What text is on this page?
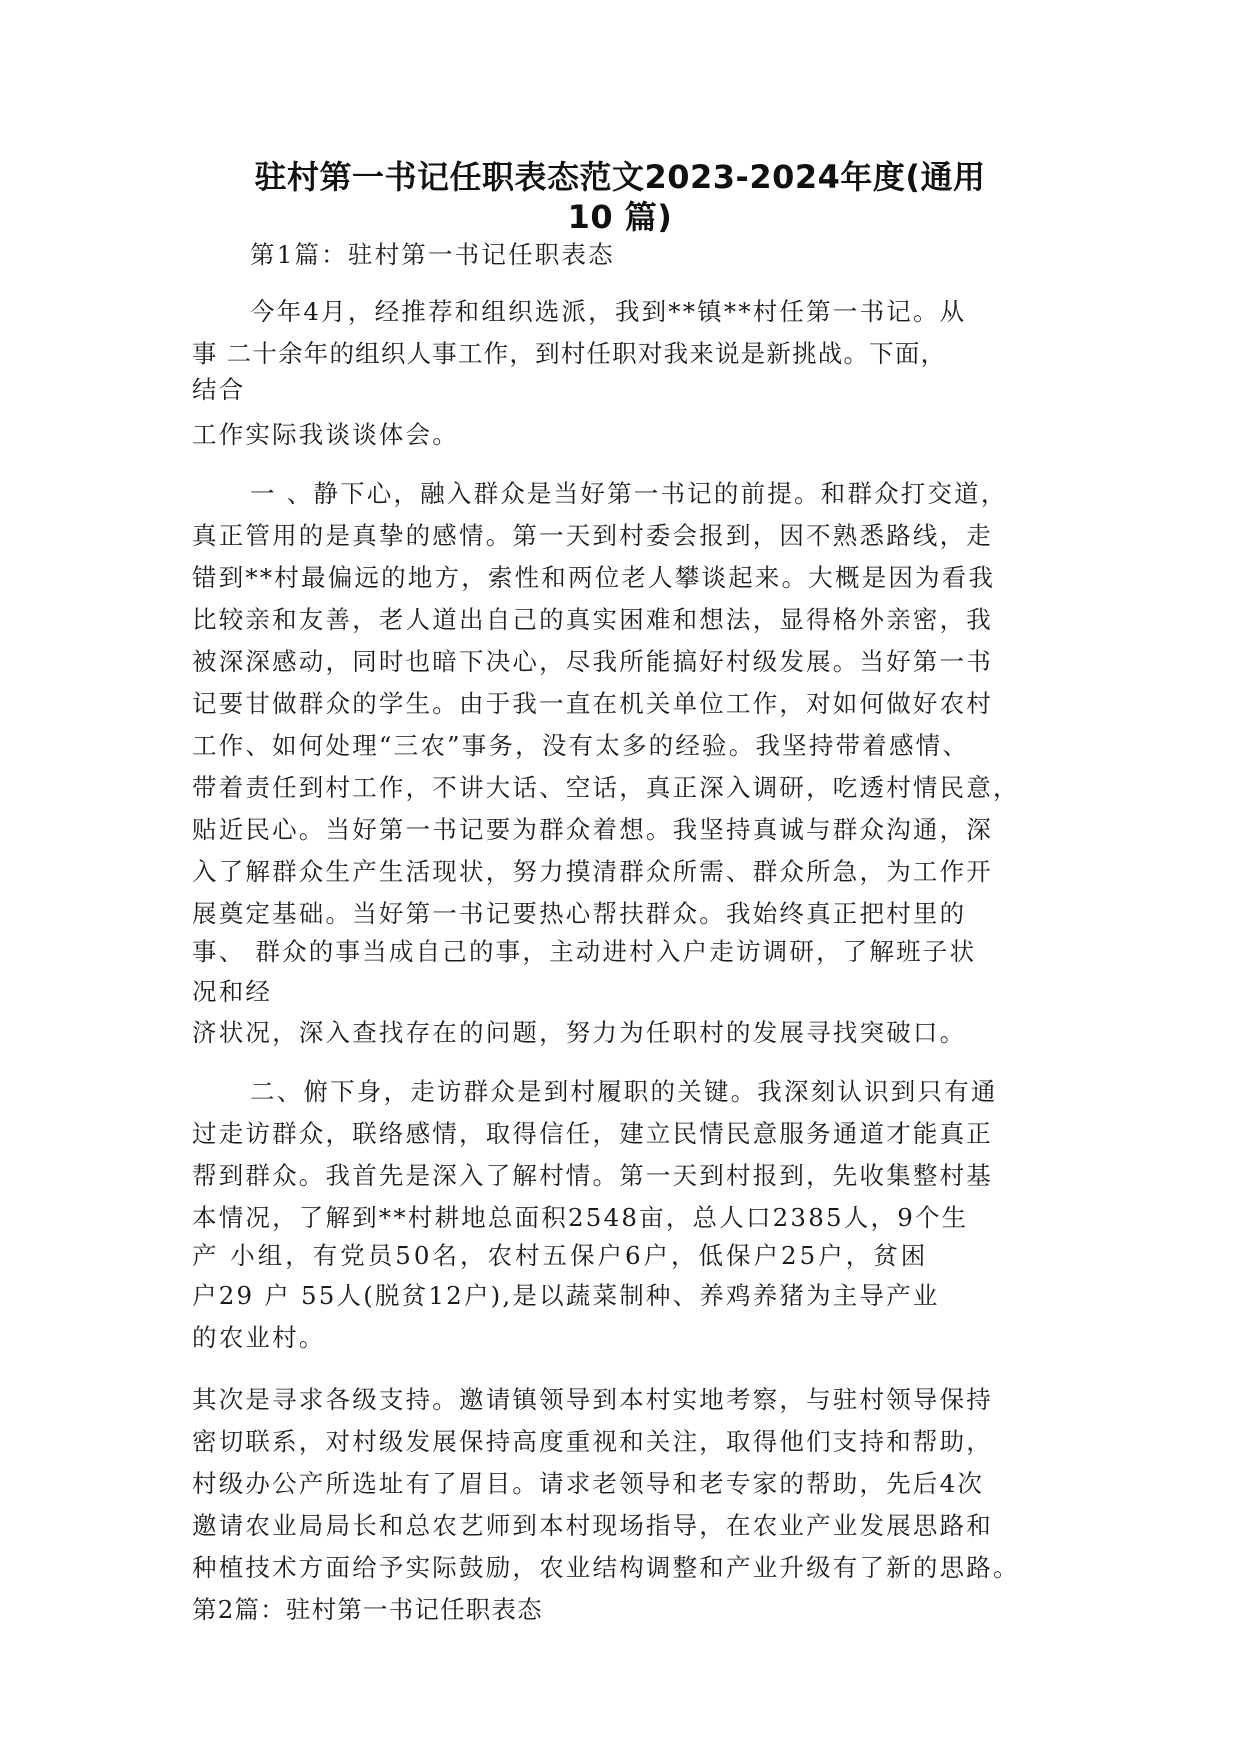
驻村第一书记任职表态范文2023-2024年度(通用
10 篇)
第1篇：驻村第一书记任职表态
今年4月，经推荐和组织选派，我到**镇**村任第一书记。从
事 二十余年的组织人事工作，到村任职对我来说是新挑战。下面，
结合
工作实际我谈谈体会。
一 、静下心，融入群众是当好第一书记的前提。和群众打交道，
真正管用的是真挚的感情。第一天到村委会报到，因不熟悉路线，走
错到**村最偏远的地方，索性和两位老人攀谈起来。大概是因为看我
比较亲和友善，老人道出自己的真实困难和想法，显得格外亲密，我
被深深感动，同时也暗下决心，尽我所能搞好村级发展。当好第一书
记要甘做群众的学生。由于我一直在机关单位工作，对如何做好农村
工作、如何处理“三农”事务，没有太多的经验。我坚持带着感情、
带着责任到村工作，不讲大话、空话，真正深入调研，吃透村情民意，
贴近民心。当好第一书记要为群众着想。我坚持真诚与群众沟通，深
入了解群众生产生活现状，努力摸清群众所需、群众所急，为工作开
展奠定基础。当好第一书记要热心帮扶群众。我始终真正把村里的
事、 群众的事当成自己的事，主动进村入户走访调研，了解班子状
况和经
济状况，深入查找存在的问题，努力为任职村的发展寻找突破口。
二、俯下身，走访群众是到村履职的关键。我深刻认识到只有通
过走访群众，联络感情，取得信任，建立民情民意服务通道才能真正
帮到群众。我首先是深入了解村情。第一天到村报到，先收集整村基
本情况，了解到**村耕地总面积2548亩，总人口2385人，9个生
产 小组，有党员50名，农村五保户6户，低保户25户，贫困
户29 户 55人(脱贫12户),是以蔬菜制种、养鸡养猪为主导产业
的农业村。
其次是寻求各级支持。邀请镇领导到本村实地考察，与驻村领导保持
密切联系，对村级发展保持高度重视和关注，取得他们支持和帮助，
村级办公产所选址有了眉目。请求老领导和老专家的帮助，先后4次
邀请农业局局长和总农艺师到本村现场指导，在农业产业发展思路和
种植技术方面给予实际鼓励，农业结构调整和产业升级有了新的思路。
第2篇：驻村第一书记任职表态
